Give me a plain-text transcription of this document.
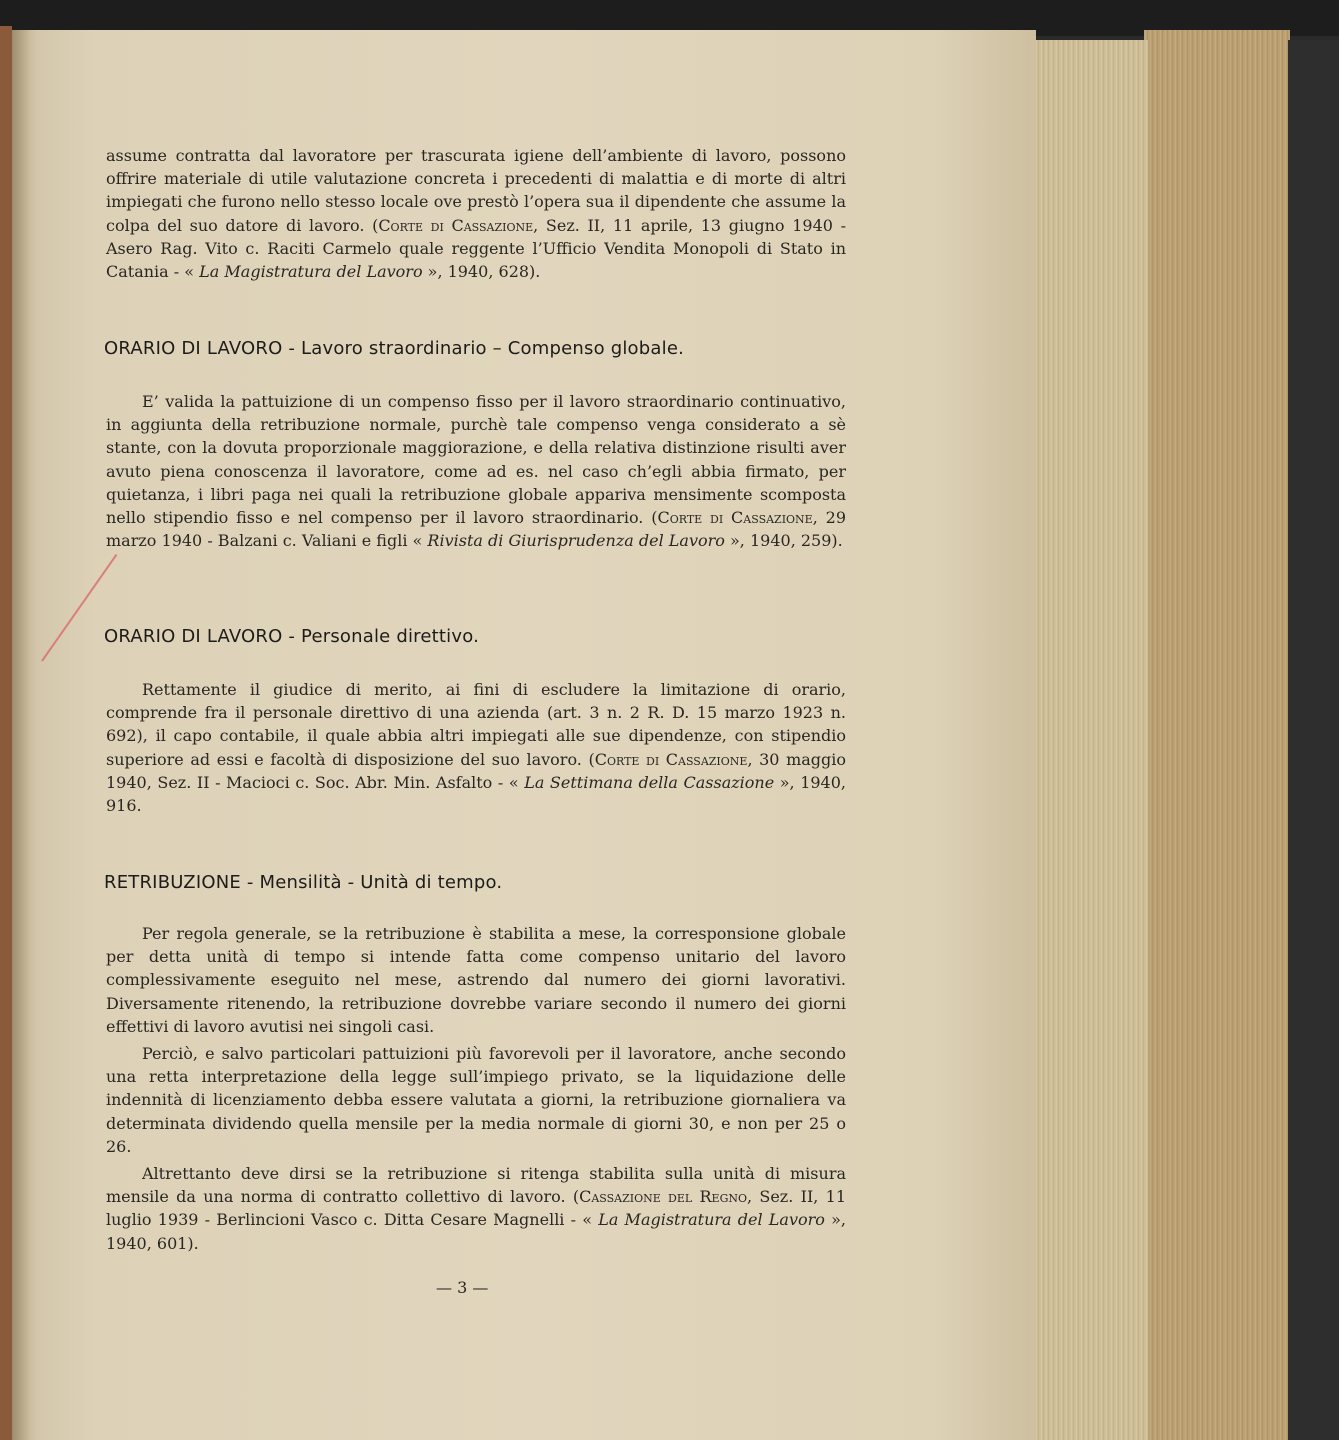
assume contratta dal lavoratore per trascurata igiene dell’ambiente di lavoro, possono offrire materiale di utile valutazione concreta i precedenti di malattia e di morte di altri impiegati che furono nello stesso locale ove prestò l’opera sua il dipendente che assume la colpa del suo datore di lavoro. (Corte di Cassazione, Sez. II, 11 aprile, 13 giugno 1940 - Asero Rag. Vito c. Raciti Carmelo quale reggente l’Ufficio Vendita Monopoli di Stato in Catania - « La Magistratura del Lavoro », 1940, 628).

ORARIO DI LAVORO - Lavoro straordinario – Compenso globale.

E’ valida la pattuizione di un compenso fisso per il lavoro straordinario continuativo, in aggiunta della retribuzione normale, purchè tale compenso venga considerato a sè stante, con la dovuta proporzionale maggiorazione, e della relativa distinzione risulti aver avuto piena conoscenza il lavoratore, come ad es. nel caso ch’egli abbia firmato, per quietanza, i libri paga nei quali la retribuzione globale appariva mensimente scomposta nello stipendio fisso e nel compenso per il lavoro straordinario. (Corte di Cassazione, 29 marzo 1940 - Balzani c. Valiani e figli « Rivista di Giurisprudenza del Lavoro », 1940, 259).

ORARIO DI LAVORO - Personale direttivo.

Rettamente il giudice di merito, ai fini di escludere la limitazione di orario, comprende fra il personale direttivo di una azienda (art. 3 n. 2 R. D. 15 marzo 1923 n. 692), il capo contabile, il quale abbia altri impiegati alle sue dipendenze, con stipendio superiore ad essi e facoltà di disposizione del suo lavoro. (Corte di Cassazione, 30 maggio 1940, Sez. II - Macioci c. Soc. Abr. Min. Asfalto - « La Settimana della Cassazione », 1940, 916.

RETRIBUZIONE - Mensilità - Unità di tempo.

Per regola generale, se la retribuzione è stabilita a mese, la corresponsione globale per detta unità di tempo si intende fatta come compenso unitario del lavoro complessivamente eseguito nel mese, astrendo dal numero dei giorni lavorativi. Diversamente ritenendo, la retribuzione dovrebbe variare secondo il numero dei giorni effettivi di lavoro avutisi nei singoli casi.

Perciò, e salvo particolari pattuizioni più favorevoli per il lavoratore, anche secondo una retta interpretazione della legge sull’impiego privato, se la liquidazione delle indennità di licenziamento debba essere valutata a giorni, la retribuzione giornaliera va determinata dividendo quella mensile per la media normale di giorni 30, e non per 25 o 26.

Altrettanto deve dirsi se la retribuzione si ritenga stabilita sulla unità di misura mensile da una norma di contratto collettivo di lavoro. (Cassazione del Regno, Sez. II, 11 luglio 1939 - Berlincioni Vasco c. Ditta Cesare Magnelli - « La Magistratura del Lavoro », 1940, 601).

— 3 —
